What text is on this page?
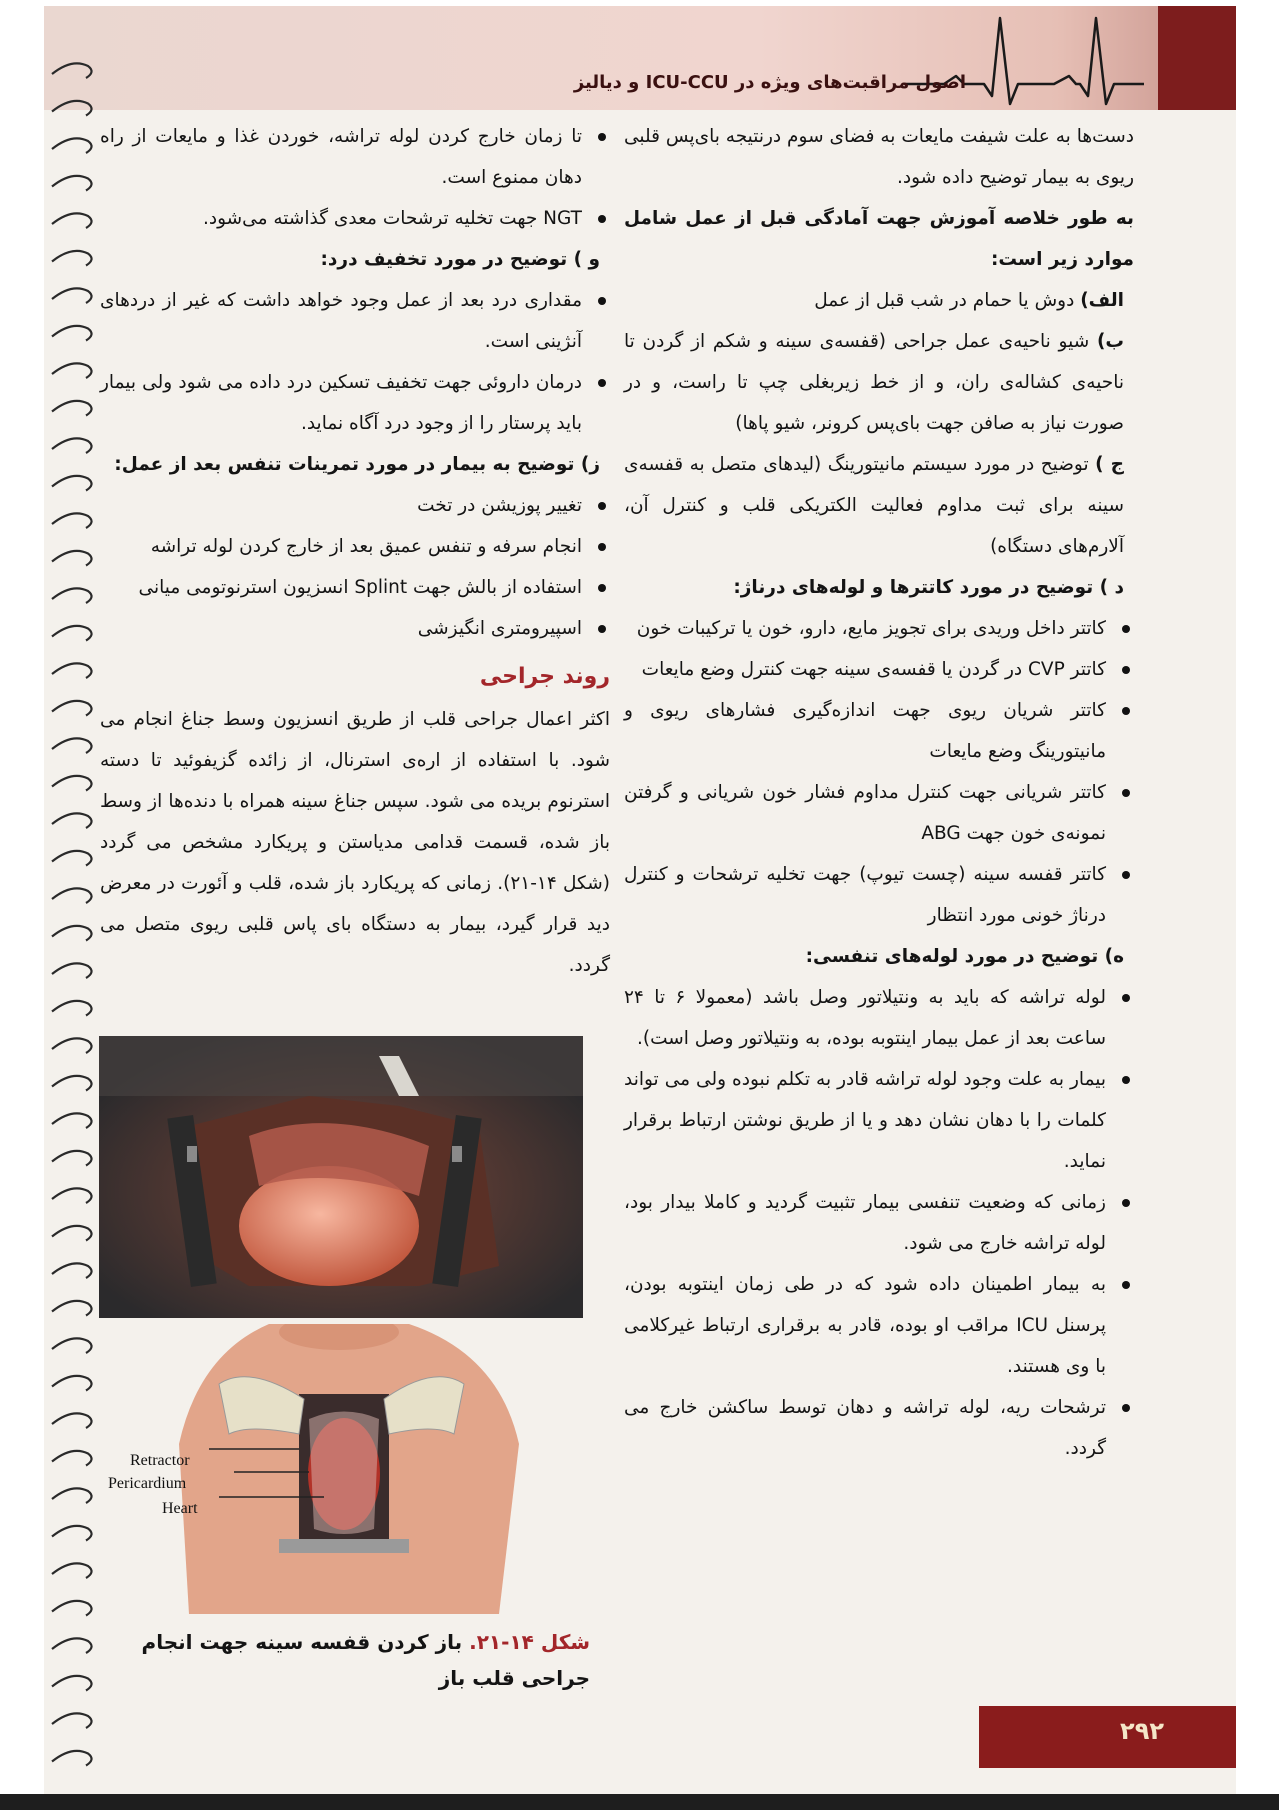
اصول مراقبت‌های ویژه در ICU-CCU و دیالیز

دست‌ها به علت شیفت مایعات به فضای سوم درنتیجه بای‌پس قلبی ریوی به بیمار توضیح داده شود.

به طور خلاصه آموزش جهت آمادگی قبل از عمل شامل موارد زیر است:

الف) دوش یا حمام در شب قبل از عمل

ب) شیو ناحیه‌ی عمل جراحی (قفسه‌ی سینه و شکم از گردن تا ناحیه‌ی کشاله‌ی ران، و از خط زیربغلی چپ تا راست، و در صورت نیاز به صافن جهت بای‌پس کرونر، شیو پاها)

ج ) توضیح در مورد سیستم مانیتورینگ (لیدهای متصل به قفسه‌ی سینه برای ثبت مداوم فعالیت الکتریکی قلب و کنترل آن، آلارم‌های دستگاه)

د ) توضیح در مورد کاتترها و لوله‌های درناژ:

کاتتر داخل وریدی برای تجویز مایع، دارو، خون یا ترکیبات خون

کاتتر CVP در گردن یا قفسه‌ی سینه جهت کنترل وضع مایعات

کاتتر شریان ریوی جهت اندازه‌گیری فشارهای ریوی و مانیتورینگ وضع مایعات

کاتتر شریانی جهت کنترل مداوم فشار خون شریانی و گرفتن نمونه‌ی خون جهت ABG

کاتتر قفسه سینه (چست تیوپ) جهت تخلیه ترشحات و کنترل درناژ خونی مورد انتظار

ه) توضیح در مورد لوله‌های تنفسی:

لوله تراشه که باید به ونتیلاتور وصل باشد (معمولا ۶ تا ۲۴ ساعت بعد از عمل بیمار اینتوبه بوده، به ونتیلاتور وصل است).

بیمار به علت وجود لوله تراشه قادر به تکلم نبوده ولی می تواند کلمات را با دهان نشان دهد و یا از طریق نوشتن ارتباط برقرار نماید.

زمانی که وضعیت تنفسی بیمار تثبیت گردید و کاملا بیدار بود، لوله تراشه خارج می شود.

به بیمار اطمینان داده شود که در طی زمان اینتوبه بودن، پرسنل ICU مراقب او بوده، قادر به برقراری ارتباط غیرکلامی با وی هستند.

ترشحات ریه، لوله تراشه و دهان توسط ساکشن خارج می گردد.

تا زمان خارج کردن لوله تراشه، خوردن غذا و مایعات از راه دهان ممنوع است.

NGT جهت تخلیه ترشحات معدی گذاشته می‌شود.

و ) توضیح در مورد تخفیف درد:

مقداری درد بعد از عمل وجود خواهد داشت که غیر از دردهای آنژینی است.

درمان داروئی جهت تخفیف تسکین درد داده می شود ولی بیمار باید پرستار را از وجود درد آگاه نماید.

ز) توضیح به بیمار در مورد تمرینات تنفس بعد از عمل:

تغییر پوزیشن در تخت

انجام سرفه و تنفس عمیق بعد از خارج کردن لوله تراشه

استفاده از بالش جهت Splint انسزیون استرنوتومی میانی

اسپیرومتری انگیزشی

روند جراحی

اکثر اعمال جراحی قلب از طریق انسزیون وسط جناغ انجام می شود. با استفاده از اره‌ی استرنال، از زائده گزیفوئید تا دسته استرنوم بریده می شود. سپس جناغ سینه همراه با دنده‌ها از وسط باز شده، قسمت قدامی مدیاستن و پریکارد مشخص می گردد (شکل ۱۴-۲۱). زمانی که پریکارد باز شده، قلب و آئورت در معرض دید قرار گیرد، بیمار به دستگاه بای پاس قلبی ریوی متصل می گردد.

Retractor
Pericardium
Heart
شکل ۱۴-۲۱. باز کردن قفسه سینه جهت انجام جراحی قلب باز
۲۹۲
